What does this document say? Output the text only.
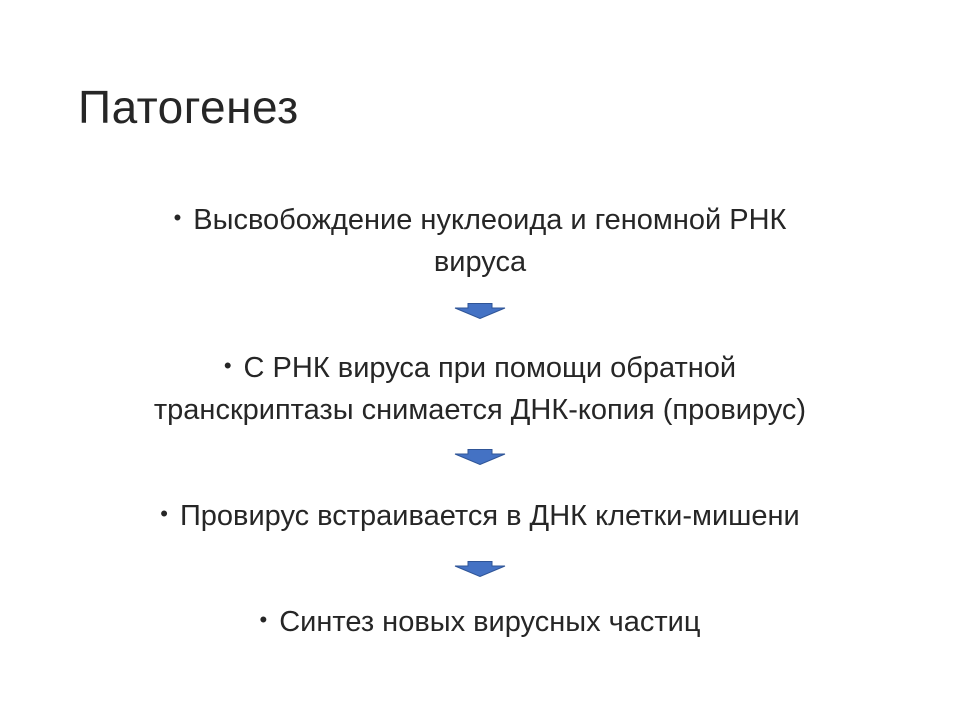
Патогенез

• Высвобождение нуклеоида и геномной РНК
вируса

• С РНК вируса при помощи обратной
транскриптазы снимается ДНК-копия (провирус)

• Провирус встраивается в ДНК клетки-мишени

• Синтез новых вирусных частиц
